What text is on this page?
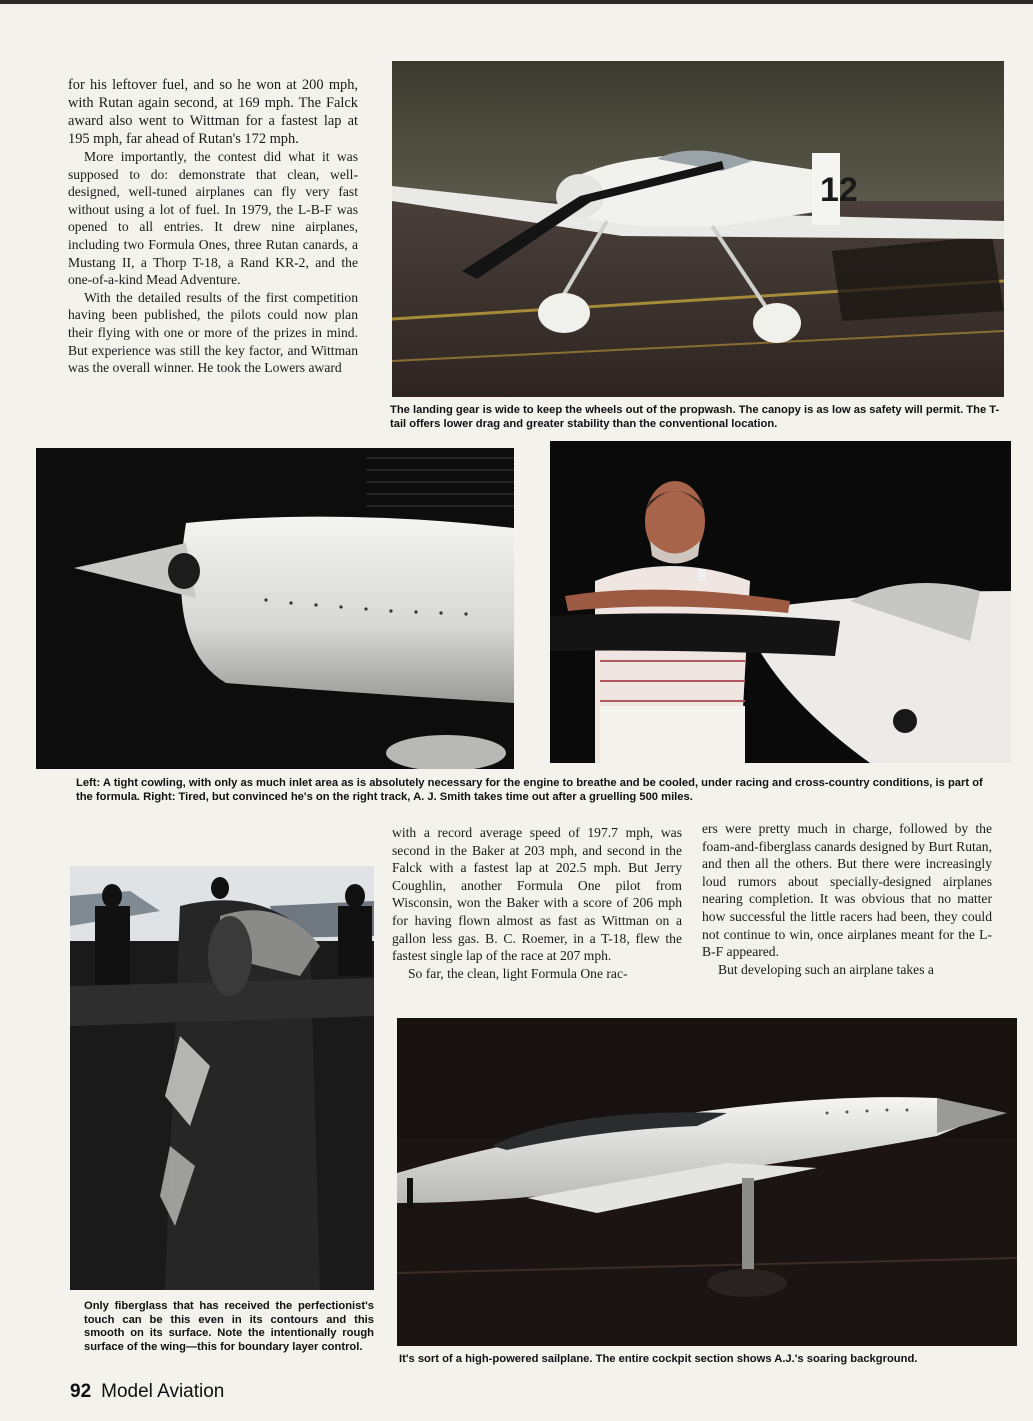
for his leftover fuel, and so he won at 200 mph, with Rutan again second, at 169 mph. The Falck award also went to Wittman for a fastest lap at 195 mph, far ahead of Rutan's 172 mph.

More importantly, the contest did what it was supposed to do: demonstrate that clean, well-designed, well-tuned airplanes can fly very fast without using a lot of fuel. In 1979, the L-B-F was opened to all entries. It drew nine airplanes, including two Formula Ones, three Rutan canards, a Mustang II, a Thorp T-18, a Rand KR-2, and the one-of-a-kind Mead Adventure.

With the detailed results of the first competition having been published, the pilots could now plan their flying with one or more of the prizes in mind. But experience was still the key factor, and Wittman was the overall winner. He took the Lowers award

12
The landing gear is wide to keep the wheels out of the propwash. The canopy is as low as safety will permit. The T-tail offers lower drag and greater stability than the conventional location.
Left: A tight cowling, with only as much inlet area as is absolutely necessary for the engine to breathe and be cooled, under racing and cross-country conditions, is part of the formula. Right: Tired, but convinced he's on the right track, A. J. Smith takes time out after a gruelling 500 miles.
Only fiberglass that has received the perfectionist's touch can be this even in its contours and this smooth on its surface. Note the intentionally rough surface of the wing—this for boundary layer control.

with a record average speed of 197.7 mph, was second in the Baker at 203 mph, and second in the Falck with a fastest lap at 202.5 mph. But Jerry Coughlin, another Formula One pilot from Wisconsin, won the Baker with a score of 206 mph for having flown almost as fast as Wittman on a gallon less gas. B. C. Roemer, in a T-18, flew the fastest single lap of the race at 207 mph.

So far, the clean, light Formula One rac-

ers were pretty much in charge, followed by the foam-and-fiberglass canards designed by Burt Rutan, and then all the others. But there were increasingly loud rumors about specially-designed airplanes nearing completion. It was obvious that no matter how successful the little racers had been, they could not continue to win, once airplanes meant for the L-B-F appeared.

But developing such an airplane takes a

It's sort of a high-powered sailplane. The entire cockpit section shows A.J.'s soaring background.
92 Model Aviation
